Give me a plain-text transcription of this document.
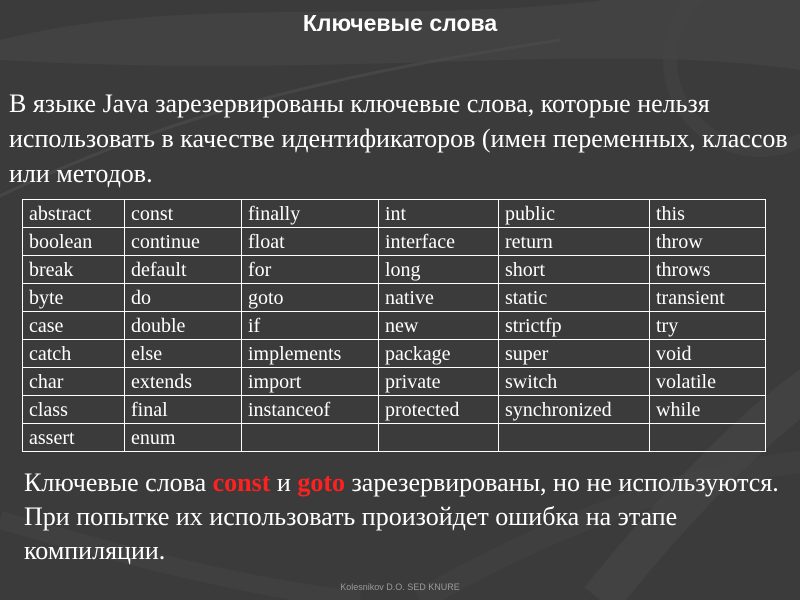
Ключевые слова
В языке Java зарезервированы ключевые слова, которые нельзя использовать в качестве идентификаторов (имен переменных, классов или методов.
abstract	const	finally	int	public	this
boolean	continue	float	interface	return	throw
break	default	for	long	short	throws
byte	do	goto	native	static	transient
case	double	if	new	strictfp	try
catch	else	implements	package	super	void
char	extends	import	private	switch	volatile
class	final	instanceof	protected	synchronized	while
assert	enum				
Ключевые слова const и goto зарезервированы, но не используются. При попытке их использовать произойдет ошибка на этапе компиляции.
Kolesnikov D.O. SED KNURE
